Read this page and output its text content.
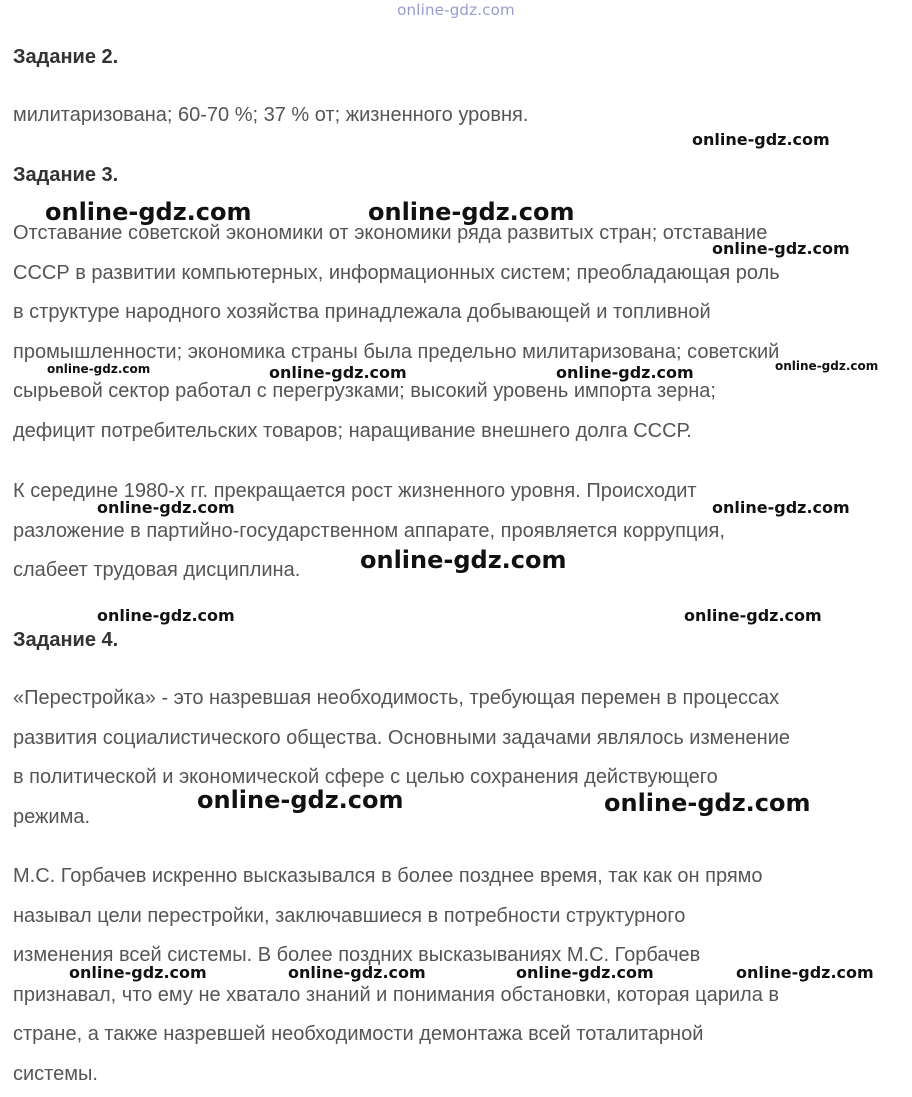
online-gdz.com
Задание 2.
милитаризована; 60-70 %; 37 % от; жизненного уровня.
Задание 3.
Отставание советской экономики от экономики ряда развитых стран; отставание
СССР в развитии компьютерных, информационных систем; преобладающая роль
в структуре народного хозяйства принадлежала добывающей и топливной
промышленности; экономика страны была предельно милитаризована; советский
сырьевой сектор работал с перегрузками; высокий уровень импорта зерна;
дефицит потребительских товаров; наращивание внешнего долга СССР.
К середине 1980-х гг. прекращается рост жизненного уровня. Происходит
разложение в партийно-государственном аппарате, проявляется коррупция,
слабеет трудовая дисциплина.
Задание 4.
«Перестройка» - это назревшая необходимость, требующая перемен в процессах
развития социалистического общества. Основными задачами являлось изменение
в политической и экономической сфере с целью сохранения действующего
режима.
М.С. Горбачев искренно высказывался в более позднее время, так как он прямо
называл цели перестройки, заключавшиеся в потребности структурного
изменения всей системы. В более поздних высказываниях М.С. Горбачев
признавал, что ему не хватало знаний и понимания обстановки, которая царила в
стране, а также назревшей необходимости демонтажа всей тоталитарной
системы.
online-gdz.com
online-gdz.com	online-gdz.com
online-gdz.com
online-gdz.com	online-gdz.com	online-gdz.com	online-gdz.com
online-gdz.com	online-gdz.com
online-gdz.com
online-gdz.com	online-gdz.com
online-gdz.com	online-gdz.com
online-gdz.com	online-gdz.com	online-gdz.com	online-gdz.com
